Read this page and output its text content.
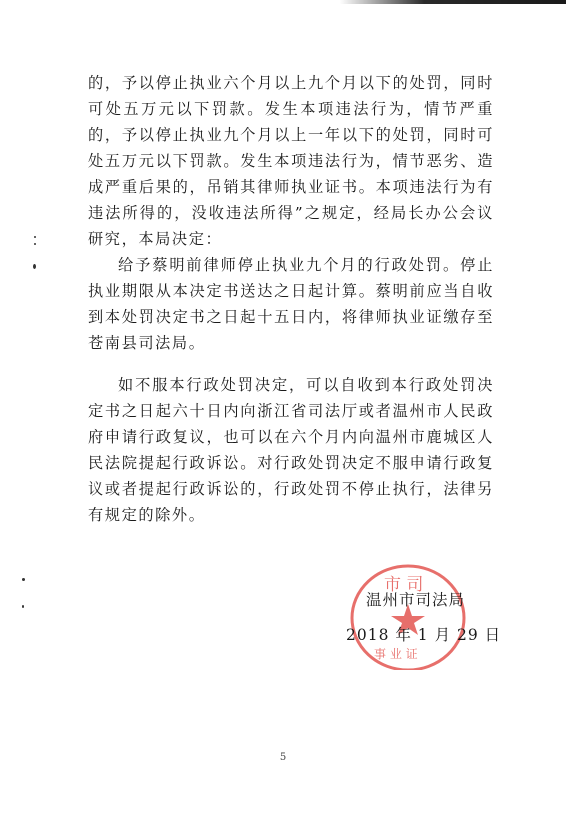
的，予以停止执业六个月以上九个月以下的处罚，同时可处五万元以下罚款。发生本项违法行为，情节严重的，予以停止执业九个月以上一年以下的处罚，同时可处五万元以下罚款。发生本项违法行为，情节恶劣、造成严重后果的，吊销其律师执业证书。本项违法行为有违法所得的，没收违法所得”之规定，经局长办公会议研究，本局决定：

给予蔡明前律师停止执业九个月的行政处罚。停止执业期限从本决定书送达之日起计算。蔡明前应当自收到本处罚决定书之日起十五日内，将律师执业证缴存至苍南县司法局。

如不服本行政处罚决定，可以自收到本行政处罚决定书之日起六十日内向浙江省司法厅或者温州市人民政府申请行政复议，也可以在六个月内向温州市鹿城区人民法院提起行政诉讼。对行政处罚决定不服申请行政复议或者提起行政诉讼的，行政处罚不停止执行，法律另有规定的除外。

市 司
事 业 证
温州市司法局
2018 年 1 月 29 日
5
